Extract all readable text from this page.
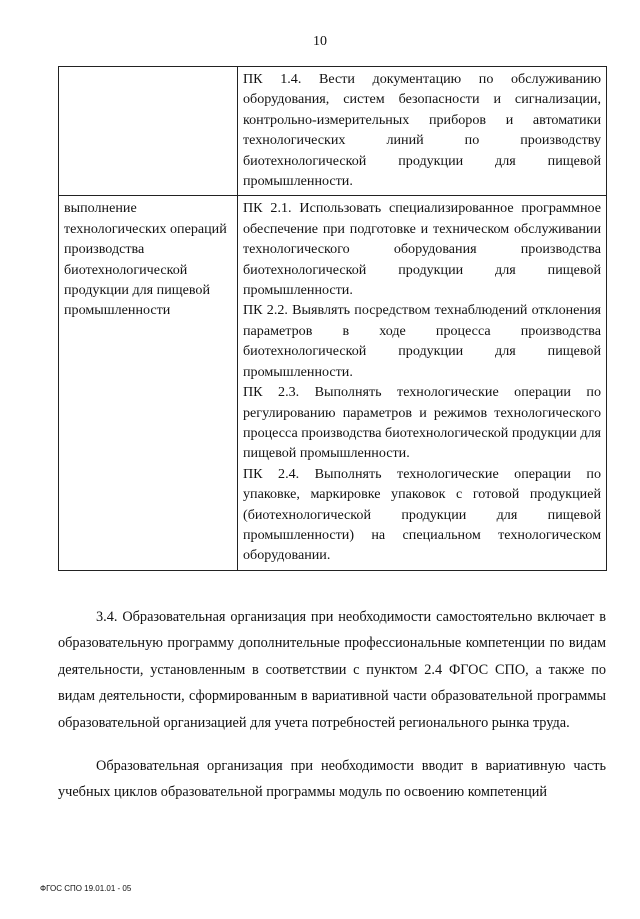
10

	ПК 1.4. Вести документацию по обслуживанию оборудования, систем безопасности и сигнализации, контрольно-измерительных приборов и автоматики технологических линий по производству биотехнологической продукции для пищевой промышленности.

выполнение технологических операций производства биотехнологической продукции для пищевой промышленности	ПК 2.1. Использовать специализированное программное обеспечение при подготовке и техническом обслуживании технологического оборудования производства биотехнологической продукции для пищевой промышленности.

ПК 2.2. Выявлять посредством технаблюдений отклонения параметров в ходе процесса производства биотехнологической продукции для пищевой промышленности.

ПК 2.3. Выполнять технологические операции по регулированию параметров и режимов технологического процесса производства биотехнологической продукции для пищевой промышленности.

ПК 2.4. Выполнять технологические операции по упаковке, маркировке упаковок с готовой продукцией (биотехнологической продукции для пищевой промышленности) на специальном технологическом оборудовании.

3.4. Образовательная организация при необходимости самостоятельно включает в образовательную программу дополнительные профессиональные компетенции по видам деятельности, установленным в соответствии с пунктом 2.4 ФГОС СПО, а также по видам деятельности, сформированным в вариативной части образовательной программы образовательной организацией для учета потребностей регионального рынка труда.

Образовательная организация при необходимости вводит в вариативную часть учебных циклов образовательной программы модуль по освоению компетенций

ФГОС СПО 19.01.01 - 05
